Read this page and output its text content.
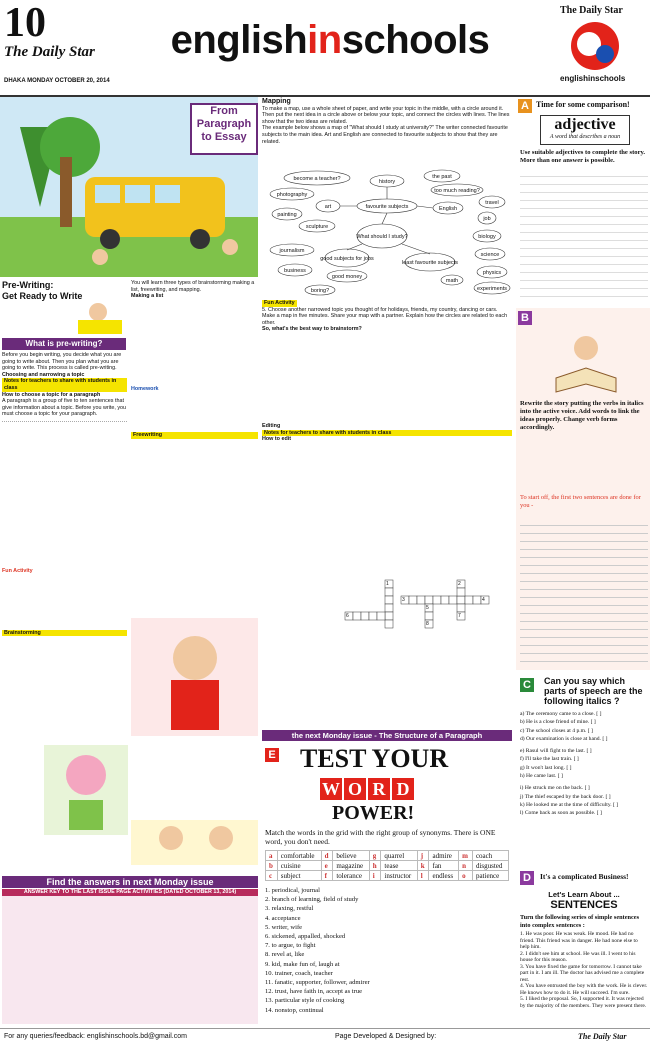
10
The Daily Star
DHAKA MONDAY OCTOBER 20, 2014
englishinschools
The Daily Star
englishinschools
From
Paragraph
to Essay
Pre-Writing:
Get Ready to Write
What is pre-writing?
Before you begin writing, you decide what you are going to write about. Then you plan what you are going to write. This process is called pre-writing.
Choosing and narrowing a topic
Notes for teachers to share with students in class
How to choose a topic for a paragraph
A paragraph is a group of five to ten sentences that give information about a topic. Before you write, you must choose a topic for your paragraph.
Fun Activity
Brainstorming
You will learn three types of brainstorming making a list, freewriting, and mapping.
Making a list
Homework
Freewriting
Find the answers in next Monday issue
ANSWER KEY TO THE LAST ISSUE PAGE ACTIVITIES (DATED OCTOBER 13, 2014)
Mapping
To make a map, use a whole sheet of paper, and write your topic in the middle, with a circle around it. Then put the next idea in a circle above or below your topic, and connect the circles with lines. The lines show that the two ideas are related.
The example below shows a map of "What should I study at university?" The writer connected favourite subjects to the main idea. Art and English are connected to favourite subjects to show that they are related.
become a teacher?	history
the past
too much reading?
photography
art	favourite subjects	English
travel
painting
job
sculpture
What should I study?	biology
journalism
good subjects for jobs
least favourite subjects
science
business
good money
physics
boring?
math
experiments
Fun Activity
5. Choose another narrowed topic you thought of for holidays, friends, my country, dancing or cars. Make a map in five minutes. Share your map with a partner. Explain how the circles are related to each other.
So, what's the best way to brainstorm?
Editing
Notes for teachers to share with students in class
How to edit
1	2
3	4
5
6	7
8
the next Monday issue - The Structure of a Paragraph
E TEST YOUR
W O R D
POWER!
Match the words in the grid with the right group of synonyms. There is ONE word, you don't need.
a	comfortable	d	believe	g	quarrel	j	admire	m	coach
b	cuisine	e	magazine	h	tease	k	fan	n	disgusted
c	subject	f	tolerance	i	instructor	l	endless	o	patience
1. periodical, journal
2. branch of learning, field of study
3. relaxing, restful
4. acceptance
5. writer, wife
6. sickened, appalled, shocked
7. to argue, to fight
8. revel at, like
9. kid, make fun of, laugh at
10. trainer, coach, teacher
11. fanatic, supporter, follower, admirer
12. trust, have faith in, accept as true
13. particular style of cooking
14. nonstop, continual
A Time for some comparison!
adjective
A word that describes a noun
Use suitable adjectives to complete the story. More than one answer is possible.
B
Rewrite the story putting the verbs in italics into the active voice. Add words to link the ideas properly. Change verb forms accordingly.
To start off, the first two sentences are done for you -
C	Can you say which parts of speech are the following italics ?
a) The ceremony came to a close. [ ]
b) He is a close friend of mine. [ ]
c) The school closes at 4 p.m. [ ]
d) Our examination is close at hand. [ ]
e) Rasul will fight to the last. [ ]
f) I'll take the last train. [ ]
g) It won't last long. [ ]
h) He came last. [ ]
i) He struck me on the back. [ ]
j) The thief escaped by the back door. [ ]
k) He looked me at the time of difficulty. [ ]
l) Come back as soon as possible. [ ]
D	It's a complicated Business!
Let's Learn About ...
SENTENCES
Turn the following series of simple sentences into complex sentences :
1. He was poor. He was weak. He mood. He had no friend. This friend was in danger. He had none else to help him.
2. I didn't see him at school. He was ill. I went to his house for this reason.
3. You have fixed the game for tomorrow. I cannot take part in it. I am ill. The doctor has advised me a complete rest.
4. You have entrusted the boy with the work. He is clever. He knows how to do it. He will succeed. I'm sure.
5. I liked the proposal. So, I supported it. It was rejected by the majority of the members. They were present there.
For any queries/feedback: englishinschools.bd@gmail.com	Page Developed & Designed by:	The Daily Star
